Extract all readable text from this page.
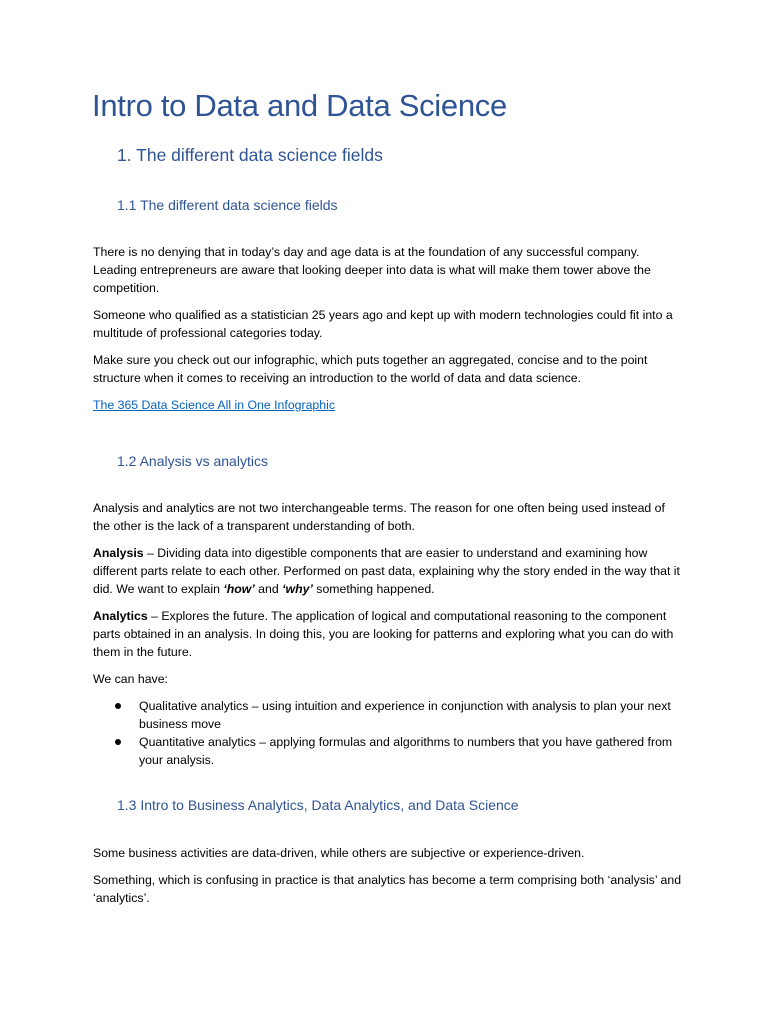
Intro to Data and Data Science
1. The different data science fields
1.1 The different data science fields

There is no denying that in today’s day and age data is at the foundation of any successful company. Leading entrepreneurs are aware that looking deeper into data is what will make them tower above the competition.

Someone who qualified as a statistician 25 years ago and kept up with modern technologies could fit into a multitude of professional categories today.

Make sure you check out our infographic, which puts together an aggregated, concise and to the point structure when it comes to receiving an introduction to the world of data and data science.

The 365 Data Science All in One Infographic
1.2 Analysis vs analytics

Analysis and analytics are not two interchangeable terms. The reason for one often being used instead of the other is the lack of a transparent understanding of both.

Analysis – Dividing data into digestible components that are easier to understand and examining how different parts relate to each other. Performed on past data, explaining why the story ended in the way that it did. We want to explain ‘how’ and ‘why’ something happened.

Analytics – Explores the future. The application of logical and computational reasoning to the component parts obtained in an analysis. In doing this, you are looking for patterns and exploring what you can do with them in the future.

We can have:

Qualitative analytics – using intuition and experience in conjunction with analysis to plan your next business move
Quantitative analytics – applying formulas and algorithms to numbers that you have gathered from your analysis.
1.3 Intro to Business Analytics, Data Analytics, and Data Science

Some business activities are data-driven, while others are subjective or experience-driven.

Something, which is confusing in practice is that analytics has become a term comprising both ‘analysis’ and ‘analytics’.
